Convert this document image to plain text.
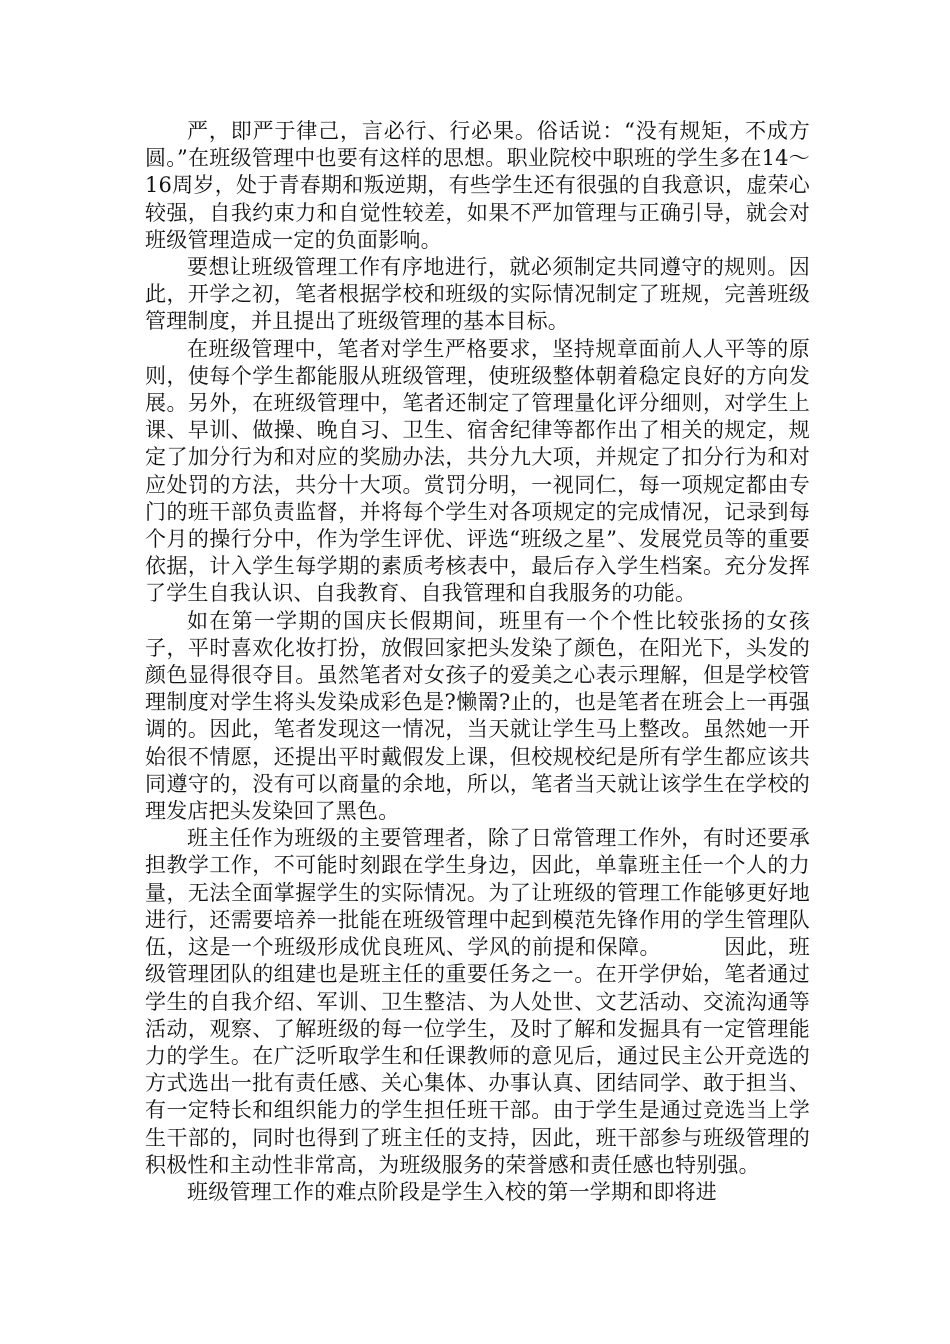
严，即严于律己，言必行、行必果。俗话说：“没有规矩，不成方圆。”在班级管理中也要有这样的思想。职业院校中职班的学生多在14～16周岁，处于青春期和叛逆期，有些学生还有很强的自我意识，虚荣心较强，自我约束力和自觉性较差，如果不严加管理与正确引导，就会对班级管理造成一定的负面影响。

要想让班级管理工作有序地进行，就必须制定共同遵守的规则。因此，开学之初，笔者根据学校和班级的实际情况制定了班规，完善班级管理制度，并且提出了班级管理的基本目标。

在班级管理中，笔者对学生严格要求，坚持规章面前人人平等的原则，使每个学生都能服从班级管理，使班级整体朝着稳定良好的方向发展。另外，在班级管理中，笔者还制定了管理量化评分细则，对学生上课、早训、做操、晚自习、卫生、宿舍纪律等都作出了相关的规定，规定了加分行为和对应的奖励办法，共分九大项，并规定了扣分行为和对应处罚的方法，共分十大项。赏罚分明，一视同仁，每一项规定都由专门的班干部负责监督，并将每个学生对各项规定的完成情况，记录到每个月的操行分中，作为学生评优、评选“班级之星”、发展党员等的重要依据，计入学生每学期的素质考核表中，最后存入学生档案。充分发挥了学生自我认识、自我教育、自我管理和自我服务的功能。

如在第一学期的国庆长假期间，班里有一个个性比较张扬的女孩子，平时喜欢化妆打扮，放假回家把头发染了颜色，在阳光下，头发的颜色显得很夺目。虽然笔者对女孩子的爱美之心表示理解，但是学校管理制度对学生将头发染成彩色是?懒罱?止的，也是笔者在班会上一再强调的。因此，笔者发现这一情况，当天就让学生马上整改。虽然她一开始很不情愿，还提出平时戴假发上课，但校规校纪是所有学生都应该共同遵守的，没有可以商量的余地，所以，笔者当天就让该学生在学校的理发店把头发染回了黑色。

班主任作为班级的主要管理者，除了日常管理工作外，有时还要承担教学工作，不可能时刻跟在学生身边，因此，单靠班主任一个人的力量，无法全面掌握学生的实际情况。为了让班级的管理工作能够更好地进行，还需要培养一批能在班级管理中起到模范先锋作用的学生管理队伍，这是一个班级形成优良班风、学风的前提和保障。	因此，班级管理团队的组建也是班主任的重要任务之一。在开学伊始，笔者通过学生的自我介绍、军训、卫生整洁、为人处世、文艺活动、交流沟通等活动，观察、了解班级的每一位学生，及时了解和发掘具有一定管理能力的学生。在广泛听取学生和任课教师的意见后，通过民主公开竞选的方式选出一批有责任感、关心集体、办事认真、团结同学、敢于担当、有一定特长和组织能力的学生担任班干部。由于学生是通过竞选当上学生干部的，同时也得到了班主任的支持，因此，班干部参与班级管理的积极性和主动性非常高，为班级服务的荣誉感和责任感也特别强。

班级管理工作的难点阶段是学生入校的第一学期和即将进
